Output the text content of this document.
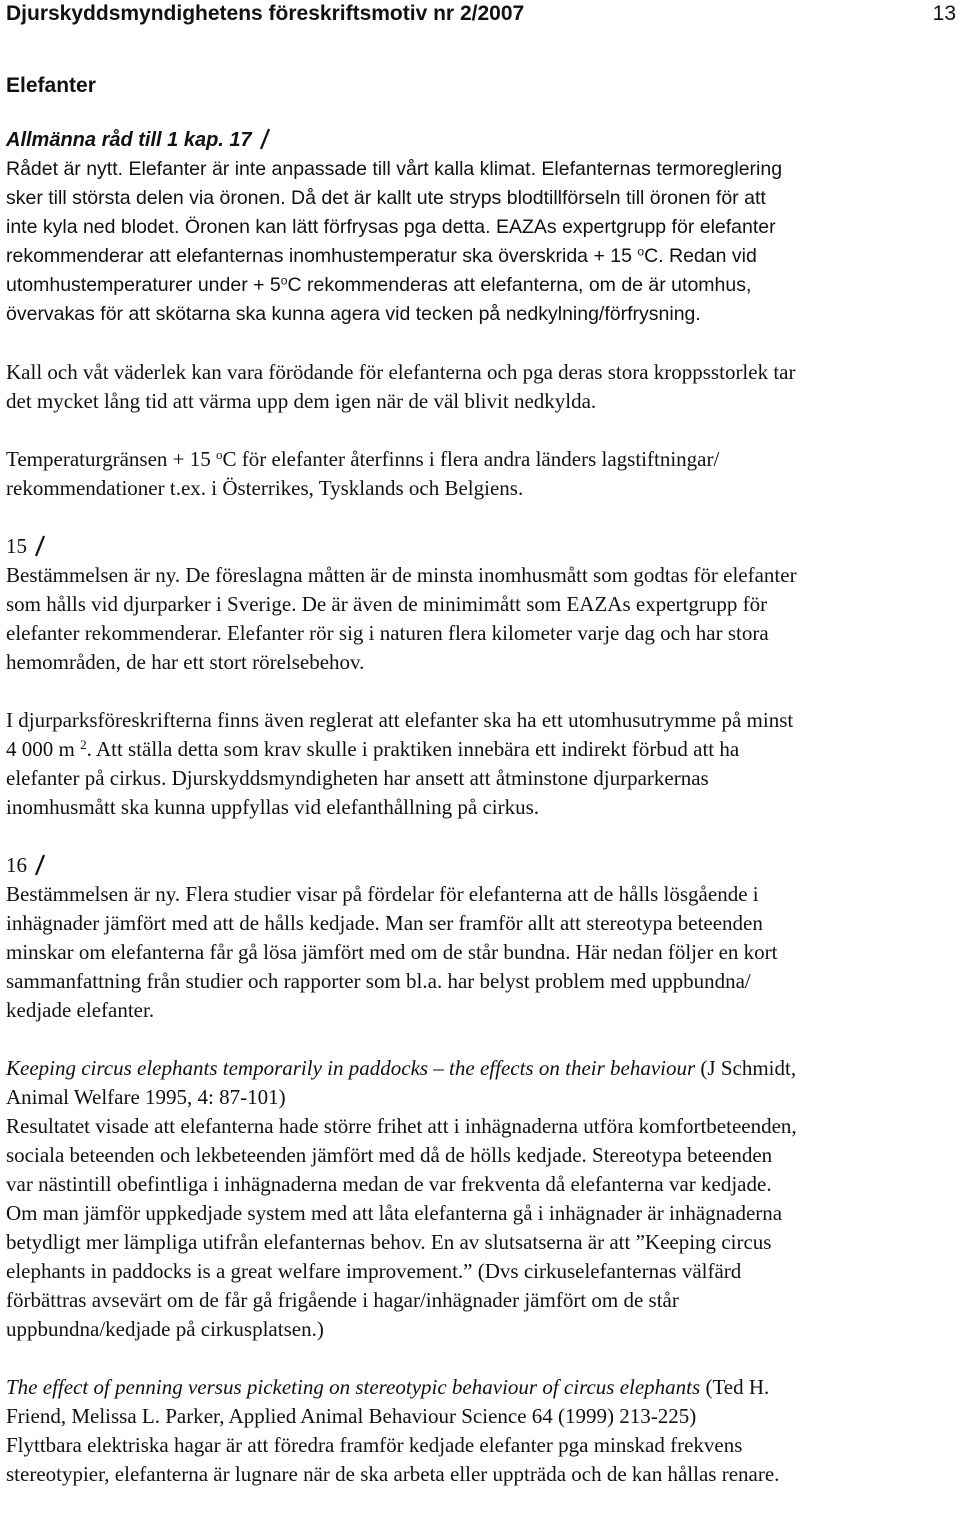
Djurskyddsmyndighetens föreskriftsmotiv nr 2/2007	13
Elefanter
Allmänna råd till 1 kap. 17
Rådet är nytt. Elefanter är inte anpassade till vårt kalla klimat. Elefanternas termoreglering
sker till största delen via öronen. Då det är kallt ute stryps blodtillförseln till öronen för att
inte kyla ned blodet. Öronen kan lätt förfrysas pga detta. EAZAs expertgrupp för elefanter
rekommenderar att elefanternas inomhustemperatur ska överskrida + 15 $^o$C. Redan vid
utomhustemperaturer under + $5^oC$ rekommenderas att elefanterna, om de är utomhus,
övervakas för att skötarna ska kunna agera vid tecken på nedkylning/förfrysning.
Kall och våt väderlek kan vara förödande för elefanterna och pga deras stora kroppsstorlek tar
det mycket lång tid att värma upp dem igen när de väl blivit nedkylda.
Temperaturgränsen + 15 $^o$C för elefanter återfinns i flera andra länders lagstiftningar/
rekommendationer t.ex. i Österrikes, Tysklands och Belgiens.
15
Bestämmelsen är ny. De föreslagna måtten är de minsta inomhusmått som godtas för elefanter
som hålls vid djurparker i Sverige. De är även de minimimått som EAZAs expertgrupp för
elefanter rekommenderar. Elefanter rör sig i naturen flera kilometer varje dag och har stora
hemområden, de har ett stort rörelsebehov.
I djurparksföreskrifterna finns även reglerat att elefanter ska ha ett utomhusutrymme på minst
4 000 m $^2$. Att ställa detta som krav skulle i praktiken innebära ett indirekt förbud att ha
elefanter på cirkus. Djurskyddsmyndigheten har ansett att åtminstone djurparkernas
inomhusmått ska kunna uppfyllas vid elefanthållning på cirkus.
16
Bestämmelsen är ny. Flera studier visar på fördelar för elefanterna att de hålls lösgående i
inhägnader jämfört med att de hålls kedjade. Man ser framför allt att stereotypa beteenden
minskar om elefanterna får gå lösa jämfört med om de står bundna. Här nedan följer en kort
sammanfattning från studier och rapporter som bl.a. har belyst problem med uppbundna/
kedjade elefanter.
Keeping circus elephants temporarily in paddocks – the effects on their behaviour (J Schmidt,
Animal Welfare 1995, 4: 87-101)
Resultatet visade att elefanterna hade större frihet att i inhägnaderna utföra komfortbeteenden,
sociala beteenden och lekbeteenden jämfört med då de hölls kedjade. Stereotypa beteenden
var nästintill obefintliga i inhägnaderna medan de var frekventa då elefanterna var kedjade.
Om man jämför uppkedjade system med att låta elefanterna gå i inhägnader är inhägnaderna
betydligt mer lämpliga utifrån elefanternas behov. En av slutsatserna är att ”Keeping circus
elephants in paddocks is a great welfare improvement.” (Dvs cirkuselefanternas välfärd
förbättras avsevärt om de får gå frigående i hagar/inhägnader jämfört om de står
uppbundna/kedjade på cirkusplatsen.)
The effect of penning versus picketing on stereotypic behaviour of circus elephants (Ted H.
Friend, Melissa L. Parker, Applied Animal Behaviour Science 64 (1999) 213-225)
Flyttbara elektriska hagar är att föredra framför kedjade elefanter pga minskad frekvens
stereotypier, elefanterna är lugnare när de ska arbeta eller uppträda och de kan hållas renare.
